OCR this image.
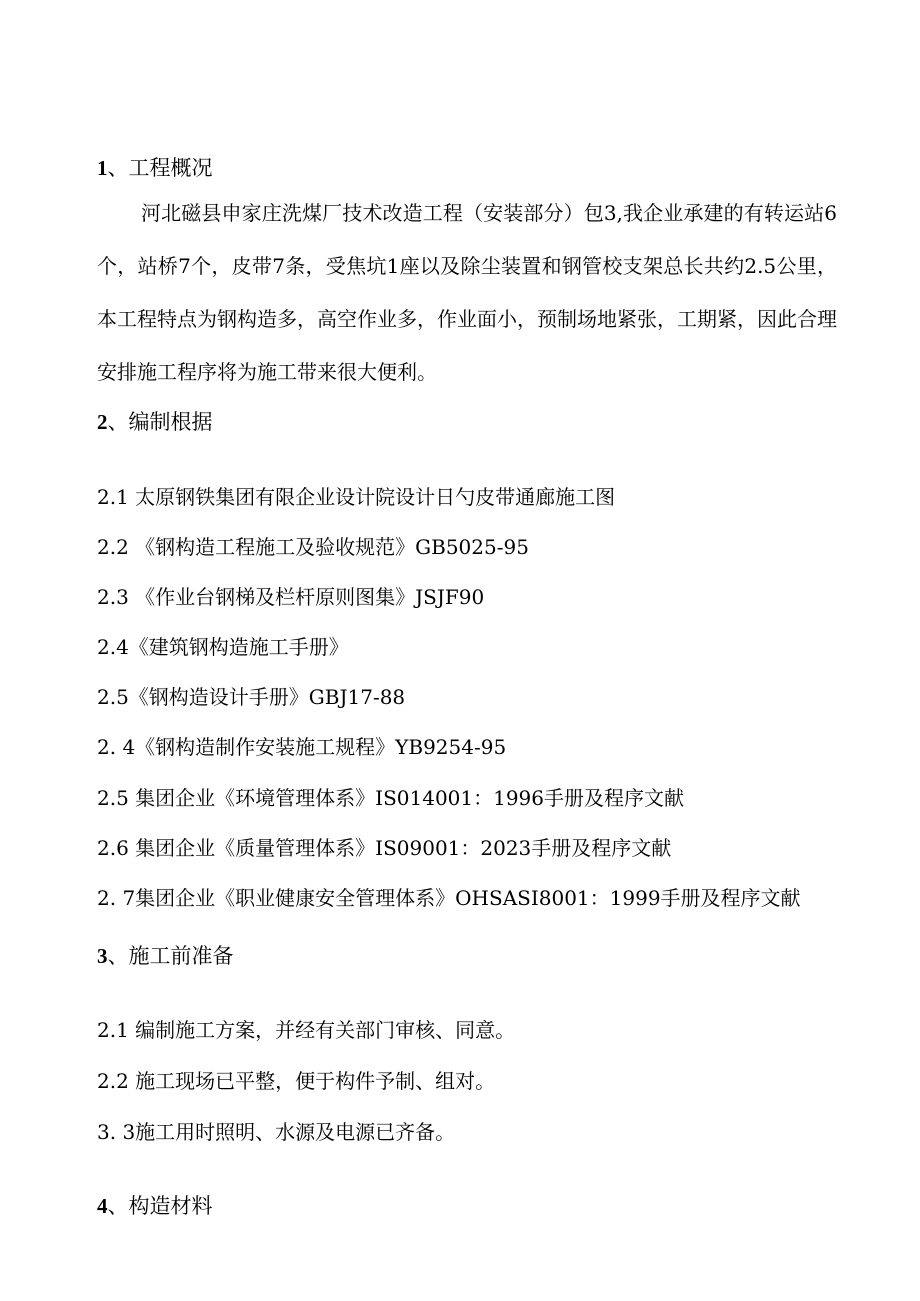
1、工程概况
河北磁县申家庄洗煤厂技术改造工程（安装部分）包3,我企业承建的有转运站6个，站桥7个，皮带7条，受焦坑1座以及除尘装置和钢管校支架总长共约2.5公里，本工程特点为钢构造多，高空作业多，作业面小，预制场地紧张，工期紧，因此合理安排施工程序将为施工带来很大便利。
2、编制根据
2.1 太原钢铁集团有限企业设计院设计日勺皮带通廊施工图
2.2 《钢构造工程施工及验收规范》GB5025-95
2.3 《作业台钢梯及栏杆原则图集》JSJF90
2.4《建筑钢构造施工手册》
2.5《钢构造设计手册》GBJ17-88
2. 4《钢构造制作安装施工规程》YB9254-95
2.5 集团企业《环境管理体系》IS014001：1996手册及程序文献
2.6 集团企业《质量管理体系》IS09001：2023手册及程序文献
2. 7集团企业《职业健康安全管理体系》OHSASI8001：1999手册及程序文献
3、施工前准备
2.1 编制施工方案，并经有关部门审核、同意。
2.2 施工现场已平整，便于构件予制、组对。
3. 3施工用时照明、水源及电源已齐备。
4、构造材料
